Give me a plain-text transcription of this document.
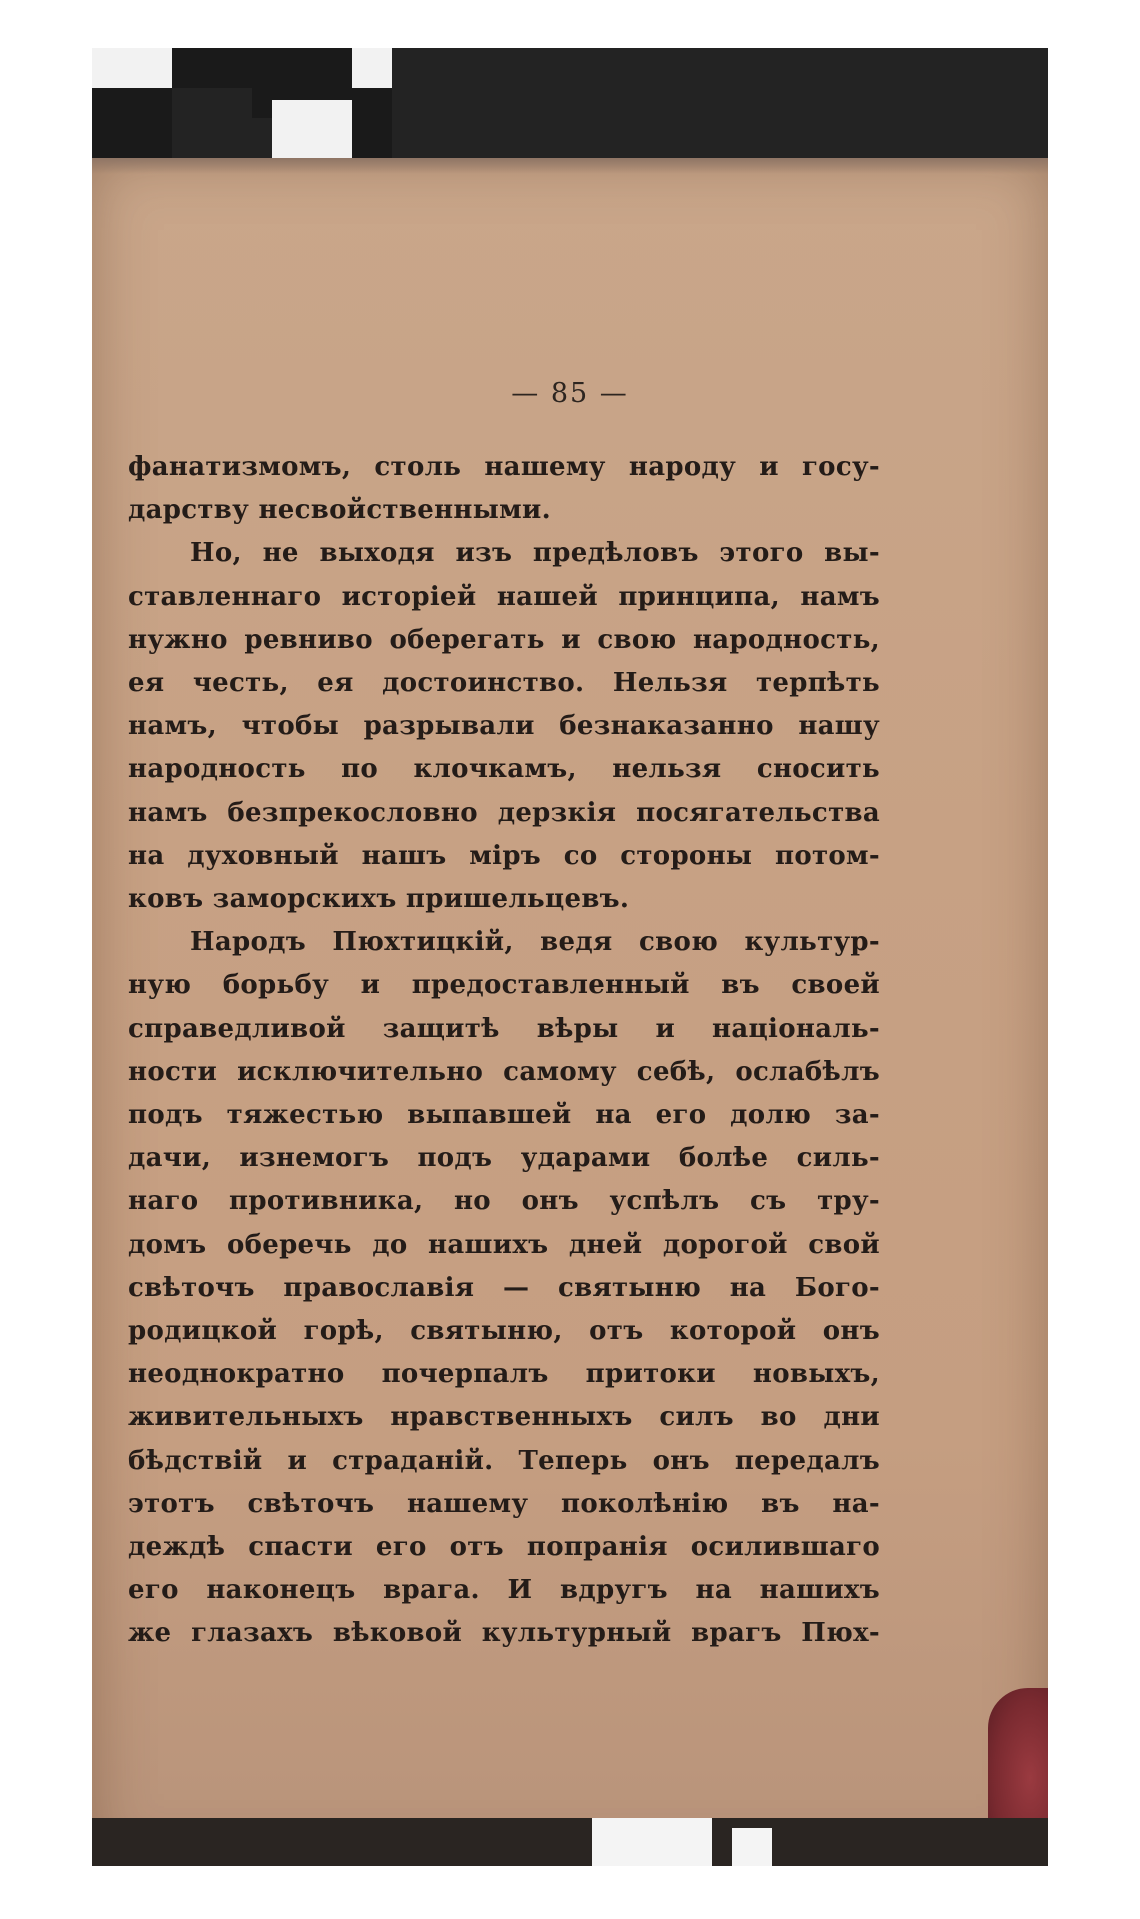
— 85 —
фанатизмомъ, столь нашему народу и госу-
дарству несвойственными.
Но, не выходя изъ предѣловъ этого вы-
ставленнаго исторіей нашей принципа, намъ
нужно ревниво оберегать и свою народность,
ея честь, ея достоинство. Нельзя терпѣть
намъ, чтобы разрывали безнаказанно нашу
народность по клочкамъ, нельзя сносить
намъ безпрекословно дерзкія посягательства
на духовный нашъ міръ со стороны потом-
ковъ заморскихъ пришельцевъ.
Народъ Пюхтицкій, ведя свою культур-
ную борьбу и предоставленный въ своей
справедливой защитѣ вѣры и національ-
ности исключительно самому себѣ, ослабѣлъ
подъ тяжестью выпавшей на его долю за-
дачи, изнемогъ подъ ударами болѣе силь-
наго противника, но онъ успѣлъ съ тру-
домъ оберечь до нашихъ дней дорогой свой
свѣточъ православія — святыню на Бого-
родицкой горѣ, святыню, отъ которой онъ
неоднократно почерпалъ притоки новыхъ,
живительныхъ нравственныхъ силъ во дни
бѣдствій и страданій. Теперь онъ передалъ
этотъ свѣточъ нашему поколѣнію въ на-
деждѣ спасти его отъ попранія осилившаго
его наконецъ врага. И вдругъ на нашихъ
же глазахъ вѣковой культурный врагъ Пюх-
